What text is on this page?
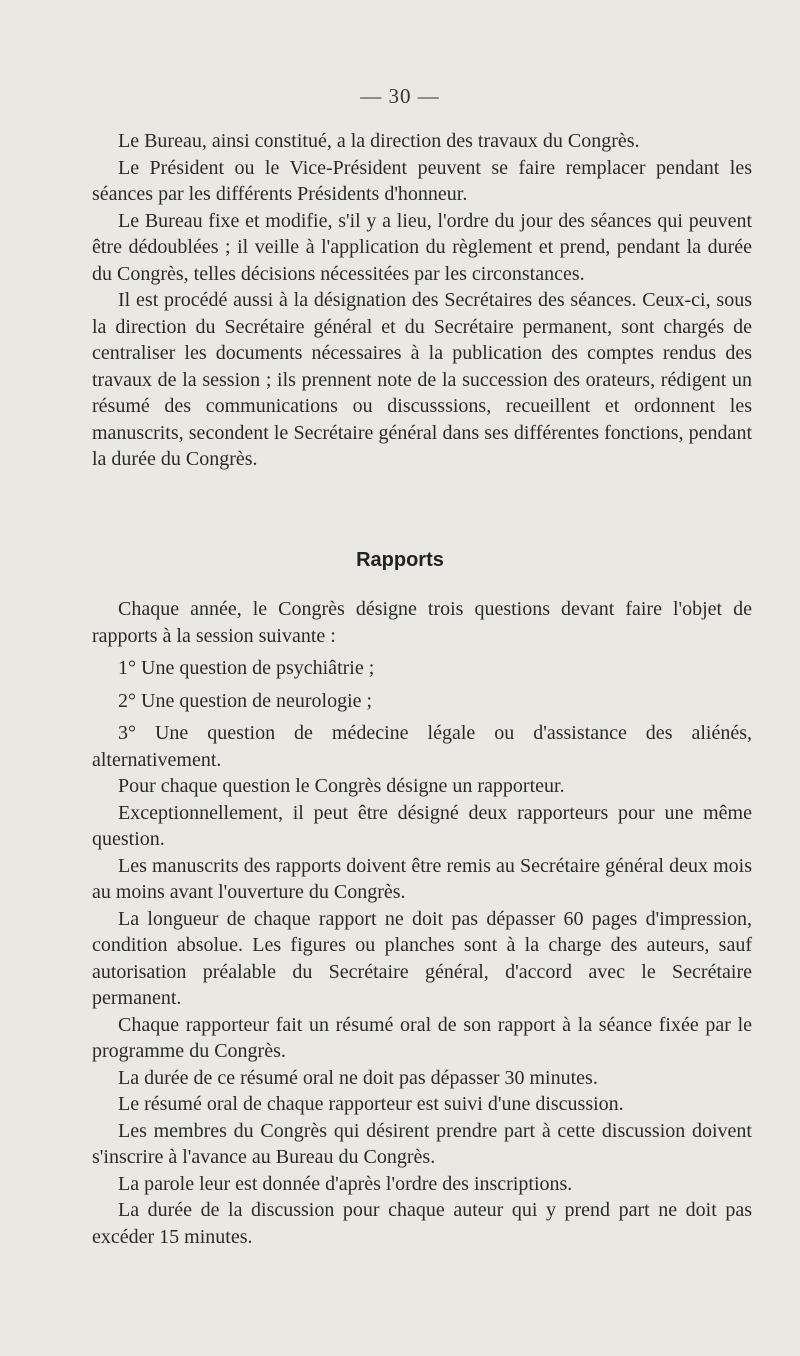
— 30 —

Le Bureau, ainsi constitué, a la direction des travaux du Congrès.

Le Président ou le Vice-Président peuvent se faire remplacer pendant les séances par les différents Présidents d'honneur.

Le Bureau fixe et modifie, s'il y a lieu, l'ordre du jour des séances qui peuvent être dédoublées ; il veille à l'application du règlement et prend, pendant la durée du Congrès, telles décisions nécessitées par les circonstances.

Il est procédé aussi à la désignation des Secrétaires des séances. Ceux-ci, sous la direction du Secrétaire général et du Secrétaire permanent, sont chargés de centraliser les documents nécessaires à la publication des comptes rendus des travaux de la session ; ils prennent note de la succession des orateurs, rédigent un résumé des communications ou discusssions, recueillent et ordonnent les manuscrits, secondent le Secrétaire général dans ses différentes fonctions, pendant la durée du Congrès.

Rapports

Chaque année, le Congrès désigne trois questions devant faire l'objet de rapports à la session suivante :

1° Une question de psychiâtrie ;

2° Une question de neurologie ;

3° Une question de médecine légale ou d'assistance des aliénés, alternativement.

Pour chaque question le Congrès désigne un rapporteur.

Exceptionnellement, il peut être désigné deux rapporteurs pour une même question.

Les manuscrits des rapports doivent être remis au Secrétaire général deux mois au moins avant l'ouverture du Congrès.

La longueur de chaque rapport ne doit pas dépasser 60 pages d'impression, condition absolue. Les figures ou planches sont à la charge des auteurs, sauf autorisation préalable du Secrétaire général, d'accord avec le Secrétaire permanent.

Chaque rapporteur fait un résumé oral de son rapport à la séance fixée par le programme du Congrès.

La durée de ce résumé oral ne doit pas dépasser 30 minutes.

Le résumé oral de chaque rapporteur est suivi d'une discussion.

Les membres du Congrès qui désirent prendre part à cette discussion doivent s'inscrire à l'avance au Bureau du Congrès.

La parole leur est donnée d'après l'ordre des inscriptions.

La durée de la discussion pour chaque auteur qui y prend part ne doit pas excéder 15 minutes.
